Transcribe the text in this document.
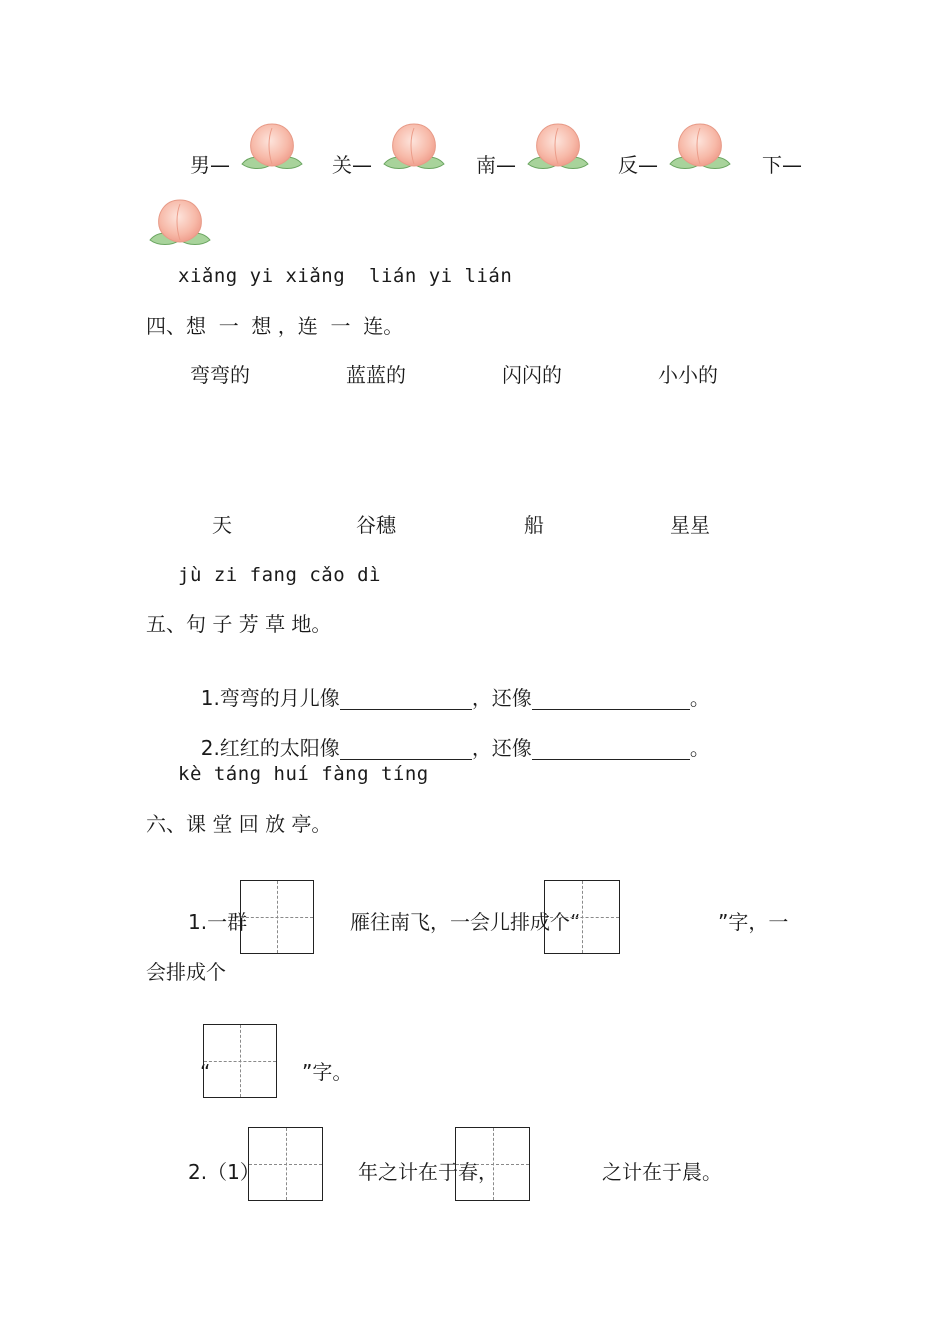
男—	关—	南—	反—	下—
xiǎng yi xiǎng  lián yi lián
四、想  一  想 ，连  一  连。
弯弯的	蓝蓝的	闪闪的	小小的
天	谷穗	船	星星
jù zi fang cǎo dì
五、句 子 芳 草 地。

1.弯弯的月儿像	，还像	。

2.红红的太阳像	，还像	。

kè táng huí fàng tíng
六、课 堂 回 放 亭。
1.一群	雁往南飞，一会儿排成个“	”字，一
会排成个
“	”字。
2.（1）	年之计在于春，	之计在于晨。
